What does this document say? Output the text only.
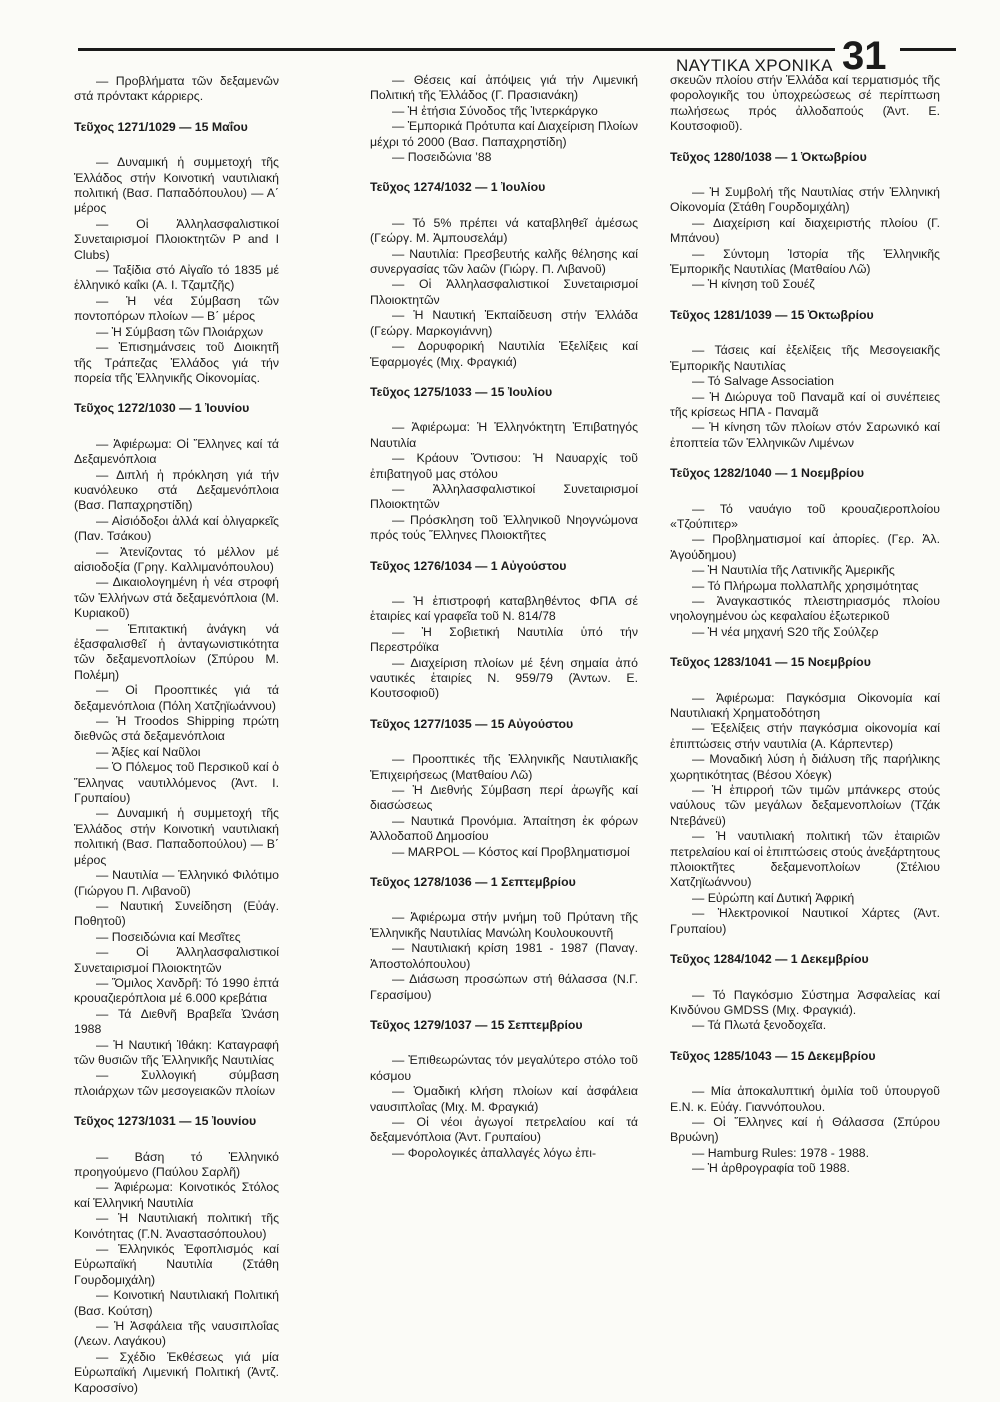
ΝΑΥΤΙΚΑ ΧΡΟΝΙΚΑ 31

— Προβλήματα τῶν δεξαμενῶν στά πρόντακτ κάρριερς.

Τεῦχος 1271/1029 — 15 Μαΐου

— Δυναμική ἡ συμμετοχή τῆς Ἑλλάδος στήν Κοινοτική ναυτιλιακή πολιτική (Βασ. Παπαδόπουλου) — Α΄ μέρος

— Οἱ Ἀλληλασφαλιστικοί Συνεταιρισμοί Πλοιοκτητῶν P and I Clubs)

— Ταξίδια στό Αἰγαῖο τό 1835 μέ ἑλληνικό καΐκι (Α. Ι. Τζαμτζῆς)

— Ἡ νέα Σύμβαση τῶν ποντοπόρων πλοίων — Β΄ μέρος

— Ἡ Σύμβαση τῶν Πλοιάρχων

— Ἐπισημάνσεις τοῦ Διοικητῆ τῆς Τράπεζας Ἑλλάδος γιά τήν πορεία τῆς Ἑλληνικῆς Οἰκονομίας.

Τεῦχος 1272/1030 — 1 Ἰουνίου

— Ἀφιέρωμα: Οἱ Ἕλληνες καί τά Δεξαμενόπλοια

— Διπλή ἡ πρόκληση γιά τήν κυανόλευκο στά Δεξαμενόπλοια (Βασ. Παπαχρηστίδη)

— Αἰσιόδοξοι ἀλλά καί ὀλιγαρκεῖς (Παν. Τσάκου)

— Ἀτενίζοντας τό μέλλον μέ αἰσιοδοξία (Γρηγ. Καλλιμανόπουλου)

— Δικαιολογημένη ἡ νέα στροφή τῶν Ἑλλήνων στά δεξαμενόπλοια (Μ. Κυριακοῦ)

— Ἐπιτακτική ἀνάγκη νά ἐξασφαλισθεῖ ἡ ἀνταγωνιστικότητα τῶν δεξαμενοπλοίων (Σπύρου Μ. Πολέμη)

— Οἱ Προοπτικές γιά τά δεξαμενόπλοια (Πόλη Χατζηϊωάννου)

— Ἡ Troodos Shipping πρώτη διεθνῶς στά δεξαμενόπλοια

— Ἀξίες καί Ναῦλοι

— Ὁ Πόλεμος τοῦ Περσικοῦ καί ὁ Ἕλληνας ναυτιλλόμενος (Ἀντ. Ι. Γρυπαίου)

— Δυναμική ἡ συμμετοχή τῆς Ἑλλάδος στήν Κοινοτική ναυτιλιακή πολιτική (Βασ. Παπαδοπούλου) — Β΄ μέρος

— Ναυτιλία — Ἑλληνικό Φιλότιμο (Γιώργου Π. Λιβανοῦ)

— Ναυτική Συνείδηση (Εὐάγ. Ποθητοῦ)

— Ποσειδώνια καί Μεσῖτες

— Οἱ Ἀλληλασφαλιστικοί Συνεταιρισμοί Πλοιοκτητῶν

— Ὅμιλος Χανδρῆ: Τό 1990 ἑπτά κρουαζιερόπλοια μέ 6.000 κρεβάτια

— Τά Διεθνῆ Βραβεῖα Ὠνάση 1988

— Ἡ Ναυτική Ἰθάκη: Καταγραφή τῶν θυσιῶν τῆς Ἑλληνικῆς Ναυτιλίας

— Συλλογική σύμβαση πλοιάρχων τῶν μεσογειακῶν πλοίων

Τεῦχος 1273/1031 — 15 Ἰουνίου

— Βάση τό Ἑλληνικό προηγούμενο (Παύλου Σαρλῆ)

— Ἀφιέρωμα: Κοινοτικός Στόλος καί Ἑλληνική Ναυτιλία

— Ἡ Ναυτιλιακή πολιτική τῆς Κοινότητας (Γ.Ν. Ἀναστασόπουλου)

— Ἑλληνικός Ἐφοπλισμός καί Εὐρωπαϊκή Ναυτιλία (Στάθη Γουρδομιχάλη)

— Κοινοτική Ναυτιλιακή Πολιτική (Βασ. Κούτση)

— Ἡ Ἀσφάλεια τῆς ναυσιπλοΐας (Λεων. Λαγάκου)

— Σχέδιο Ἐκθέσεως γιά μία Εὐρωπαϊκή Λιμενική Πολιτική (Ἀντζ. Καροσσίνο)

— Θέσεις καί ἀπόψεις γιά τήν Λιμενική Πολιτική τῆς Ἑλλάδος (Γ. Πρασιανάκη)

— Ἡ ἐτήσια Σύνοδος τῆς Ἰντερκάργκο

— Ἐμπορικά Πρότυπα καί Διαχείριση Πλοίων μέχρι τό 2000 (Βασ. Παπαχρηστίδη)

— Ποσειδώνια ’88

Τεῦχος 1274/1032 — 1 Ἰουλίου

— Τό 5% πρέπει νά καταβληθεῖ ἀμέσως (Γεώργ. Μ. Ἀμπουσελάμ)

— Ναυτιλία: Πρεσβευτής καλῆς θέλησης καί συνεργασίας τῶν λαῶν (Γιώργ. Π. Λιβανοῦ)

— Οἱ Ἀλληλασφαλιστικοί Συνεταιρισμοί Πλοιοκτητῶν

— Ἡ Ναυτική Ἐκπαίδευση στήν Ἑλλάδα (Γεώργ. Μαρκογιάννη)

— Δορυφορική Ναυτιλία Ἐξελίξεις καί Ἐφαρμογές (Μιχ. Φραγκιά)

Τεῦχος 1275/1033 — 15 Ἰουλίου

— Ἀφιέρωμα: Ἡ Ἑλληνόκτητη Ἐπιβατηγός Ναυτιλία

— Κράουν Ὄντισου: Ἡ Ναυαρχίς τοῦ ἐπιβατηγοῦ μας στόλου

— Ἀλληλασφαλιστικοί Συνεταιρισμοί Πλοιοκτητῶν

— Πρόσκληση τοῦ Ἑλληνικοῦ Νηογνώμονα πρός τούς Ἕλληνες Πλοιοκτῆτες

Τεῦχος 1276/1034 — 1 Αὐγούστου

— Ἡ ἐπιστροφή καταβληθέντος ΦΠΑ σέ ἑταιρίες καί γραφεῖα τοῦ Ν. 814/78

— Ἡ Σοβιετική Ναυτιλία ὑπό τήν Περεστρόϊκα

— Διαχείριση πλοίων μέ ξένη σημαία ἀπό ναυτικές ἑταιρίες Ν. 959/79 (Ἀντων. Ε. Κουτσοφιοῦ)

Τεῦχος 1277/1035 — 15 Αὐγούστου

— Προοπτικές τῆς Ἑλληνικῆς Ναυτιλιακῆς Ἐπιχειρήσεως (Ματθαίου Λῶ)

— Ἡ Διεθνής Σύμβαση περί ἀρωγῆς καί διασώσεως

— Ναυτικά Προνόμια. Ἀπαίτηση ἐκ φόρων Ἀλλοδαποῦ Δημοσίου

— MARPOL — Κόστος καί Προβληματισμοί

Τεῦχος 1278/1036 — 1 Σεπτεμβρίου

— Ἀφιέρωμα στήν μνήμη τοῦ Πρύτανη τῆς Ἑλληνικῆς Ναυτιλίας Μανώλη Κουλουκουντῆ

— Ναυτιλιακή κρίση 1981 - 1987 (Παναγ. Ἀποστολόπουλου)

— Διάσωση προσώπων στή θάλασσα (Ν.Γ. Γερασίμου)

Τεῦχος 1279/1037 — 15 Σεπτεμβρίου

— Ἐπιθεωρώντας τόν μεγαλύτερο στόλο τοῦ κόσμου

— Ὁμαδική κλήση πλοίων καί ἀσφάλεια ναυσιπλοΐας (Μιχ. Μ. Φραγκιά)

— Οἱ νέοι ἀγωγοί πετρελαίου καί τά δεξαμενόπλοια (Ἀντ. Γρυπαίου)

— Φορολογικές ἀπαλλαγές λόγω ἐπι-

σκευῶν πλοίου στήν Ἑλλάδα καί τερματισμός τῆς φορολογικῆς του ὑποχρεώσεως σέ περίπτωση πωλήσεως πρός ἀλλοδαπούς (Ἀντ. Ε. Κουτσοφιοῦ).

Τεῦχος 1280/1038 — 1 Ὀκτωβρίου

— Ἡ Συμβολή τῆς Ναυτιλίας στήν Ἑλληνική Οἰκονομία (Στάθη Γουρδομιχάλη)

— Διαχείριση καί διαχειριστής πλοίου (Γ. Μπάνου)

— Σύντομη Ἱστορία τῆς Ἑλληνικῆς Ἐμπορικῆς Ναυτιλίας (Ματθαίου Λῶ)

— Ἡ κίνηση τοῦ Σουέζ

Τεῦχος 1281/1039 — 15 Ὀκτωβρίου

— Τάσεις καί ἐξελίξεις τῆς Μεσογειακῆς Ἐμπορικῆς Ναυτιλίας

— Τό Salvage Association

— Ἡ Διώρυγα τοῦ Παναμᾶ καί οἱ συνέπειες τῆς κρίσεως ΗΠΑ - Παναμᾶ

— Ἡ κίνηση τῶν πλοίων στόν Σαρωνικό καί ἐποπτεία τῶν Ἑλληνικῶν Λιμένων

Τεῦχος 1282/1040 — 1 Νοεμβρίου

— Τό ναυάγιο τοῦ κρουαζιερoπλοίου «Τζούπιτερ»

— Προβληματισμοί καί ἀπορίες. (Γερ. Ἀλ. Ἀγούδημου)

— Ἡ Ναυτιλία τῆς Λατινικῆς Ἀμερικῆς

— Τό Πλήρωμα πολλαπλῆς χρησιμότητας

— Ἀναγκαστικός πλειστηριασμός πλοίου νηολογημένου ὡς κεφαλαίου ἐξωτερικοῦ

— Ἡ νέα μηχανή S20 τῆς Σούλζερ

Τεῦχος 1283/1041 — 15 Νοεμβρίου

— Ἀφιέρωμα: Παγκόσμια Οἰκονομία καί Ναυτιλιακή Χρηματοδότηση

— Ἐξελίξεις στήν παγκόσμια οἰκονομία καί ἐπιπτώσεις στήν ναυτιλία (Α. Κάρπεντερ)

— Μοναδική λύση ἡ διάλυση τῆς παρήλικης χωρητικότητας (Βέσου Χόεγκ)

— Ἡ ἐπιρροή τῶν τιμῶν μπάνκερς στούς ναύλους τῶν μεγάλων δεξαμενοπλοίων (Τζάκ Ντεβάνεϋ)

— Ἡ ναυτιλιακή πολιτική τῶν ἑταιριῶν πετρελαίου καί οἱ ἐπιπτώσεις στούς ἀνεξάρτητους πλοιοκτῆτες δεξαμενοπλοίων (Στέλιου Χατζηϊωάννου)

— Εὐρώπη καί Δυτική Ἀφρική

— Ἠλεκτρονικοί Ναυτικοί Χάρτες (Ἀντ. Γρυπαίου)

Τεῦχος 1284/1042 — 1 Δεκεμβρίου

— Τό Παγκόσμιο Σύστημα Ἀσφαλείας καί Κινδύνου GMDSS (Μιχ. Φραγκιά).

— Τά Πλωτά ξενοδοχεῖα.

Τεῦχος 1285/1043 — 15 Δεκεμβρίου

— Μία ἀποκαλυπτική ὁμιλία τοῦ ὑπουργοῦ Ε.Ν. κ. Εὐάγ. Γιαννόπουλου.

— Οἱ Ἕλληνες καί ἡ Θάλασσα (Σπύρου Βρυώνη)

— Hamburg Rules: 1978 - 1988.

— Ἡ ἀρθρογραφία τοῦ 1988.
